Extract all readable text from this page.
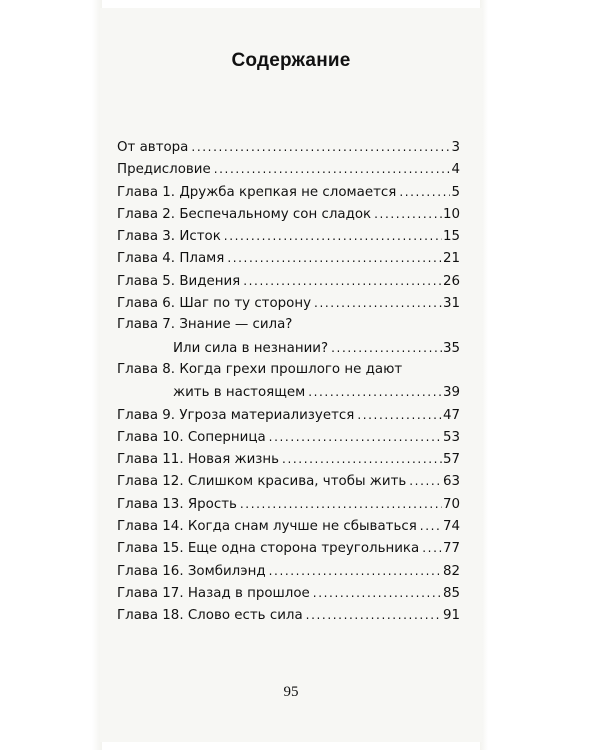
Содержание
От автора .....	3
Предисловие .....	4
Глава 1. Дружба крепкая не сломается .....	5
Глава 2. Беспечальному сон сладок .....	10
Глава 3. Исток .....	15
Глава 4. Пламя .....	21
Глава 5. Видения .....	26
Глава 6. Шаг по ту сторону .....	31
Глава 7. Знание — сила?
Или сила в незнании? .....	35
Глава 8. Когда грехи прошлого не дают
жить в настоящем .....	39
Глава 9. Угроза материализуется .....	47
Глава 10. Соперница .....	53
Глава 11. Новая жизнь .....	57
Глава 12. Слишком красива, чтобы жить .....	63
Глава 13. Ярость .....	70
Глава 14. Когда снам лучше не сбываться ..... 74
Глава 15. Еще одна сторона треугольника ..... 77
Глава 16. Зомбилэнд .....	82
Глава 17. Назад в прошлое .....	85
Глава 18. Слово есть сила .....	91
95
